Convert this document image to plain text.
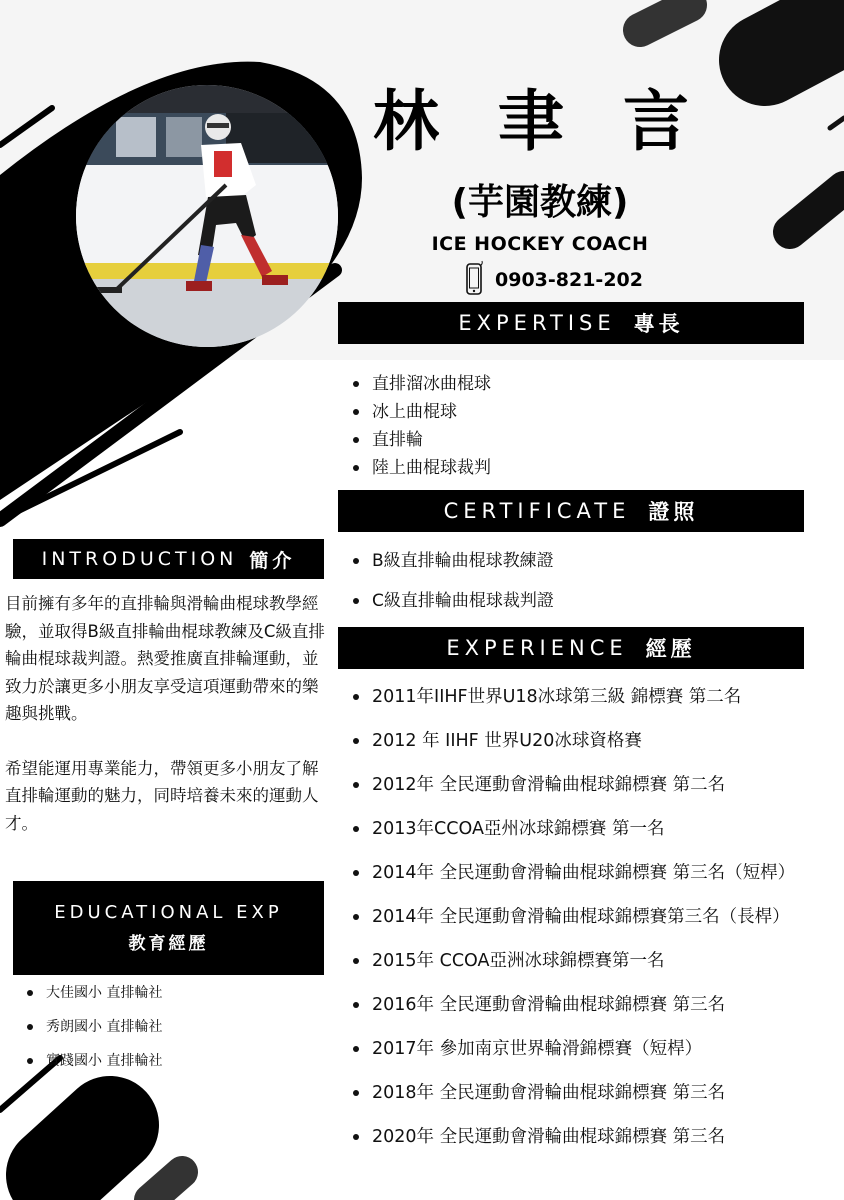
林 聿 言
(芋園教練)
ICE HOCKEY COACH
0903-821-202
EXPERTISE 專長
直排溜冰曲棍球
冰上曲棍球
直排輪
陸上曲棍球裁判
CERTIFICATE 證照
B級直排輪曲棍球教練證
C級直排輪曲棍球裁判證
EXPERIENCE 經歷
2011年IIHF世界U18冰球第三級 錦標賽 第二名
2012 年 IIHF 世界U20冰球資格賽
2012年 全民運動會滑輪曲棍球錦標賽 第二名
2013年CCOA亞州冰球錦標賽 第一名
2014年 全民運動會滑輪曲棍球錦標賽 第三名（短桿）
2014年 全民運動會滑輪曲棍球錦標賽第三名（長桿）
2015年 CCOA亞洲冰球錦標賽第一名
2016年 全民運動會滑輪曲棍球錦標賽 第三名
2017年 參加南京世界輪滑錦標賽（短桿）
2018年 全民運動會滑輪曲棍球錦標賽 第三名
2020年 全民運動會滑輪曲棍球錦標賽 第三名
INTRODUCTION 簡介

目前擁有多年的直排輪與滑輪曲棍球教學經驗，並取得B級直排輪曲棍球教練及C級直排輪曲棍球裁判證。熱愛推廣直排輪運動，並致力於讓更多小朋友享受這項運動帶來的樂趣與挑戰。

希望能運用專業能力，帶領更多小朋友了解直排輪運動的魅力，同時培養未來的運動人才。

EDUCATIONAL EXP
教育經歷
大佳國小 直排輪社
秀朗國小 直排輪社
實踐國小 直排輪社
